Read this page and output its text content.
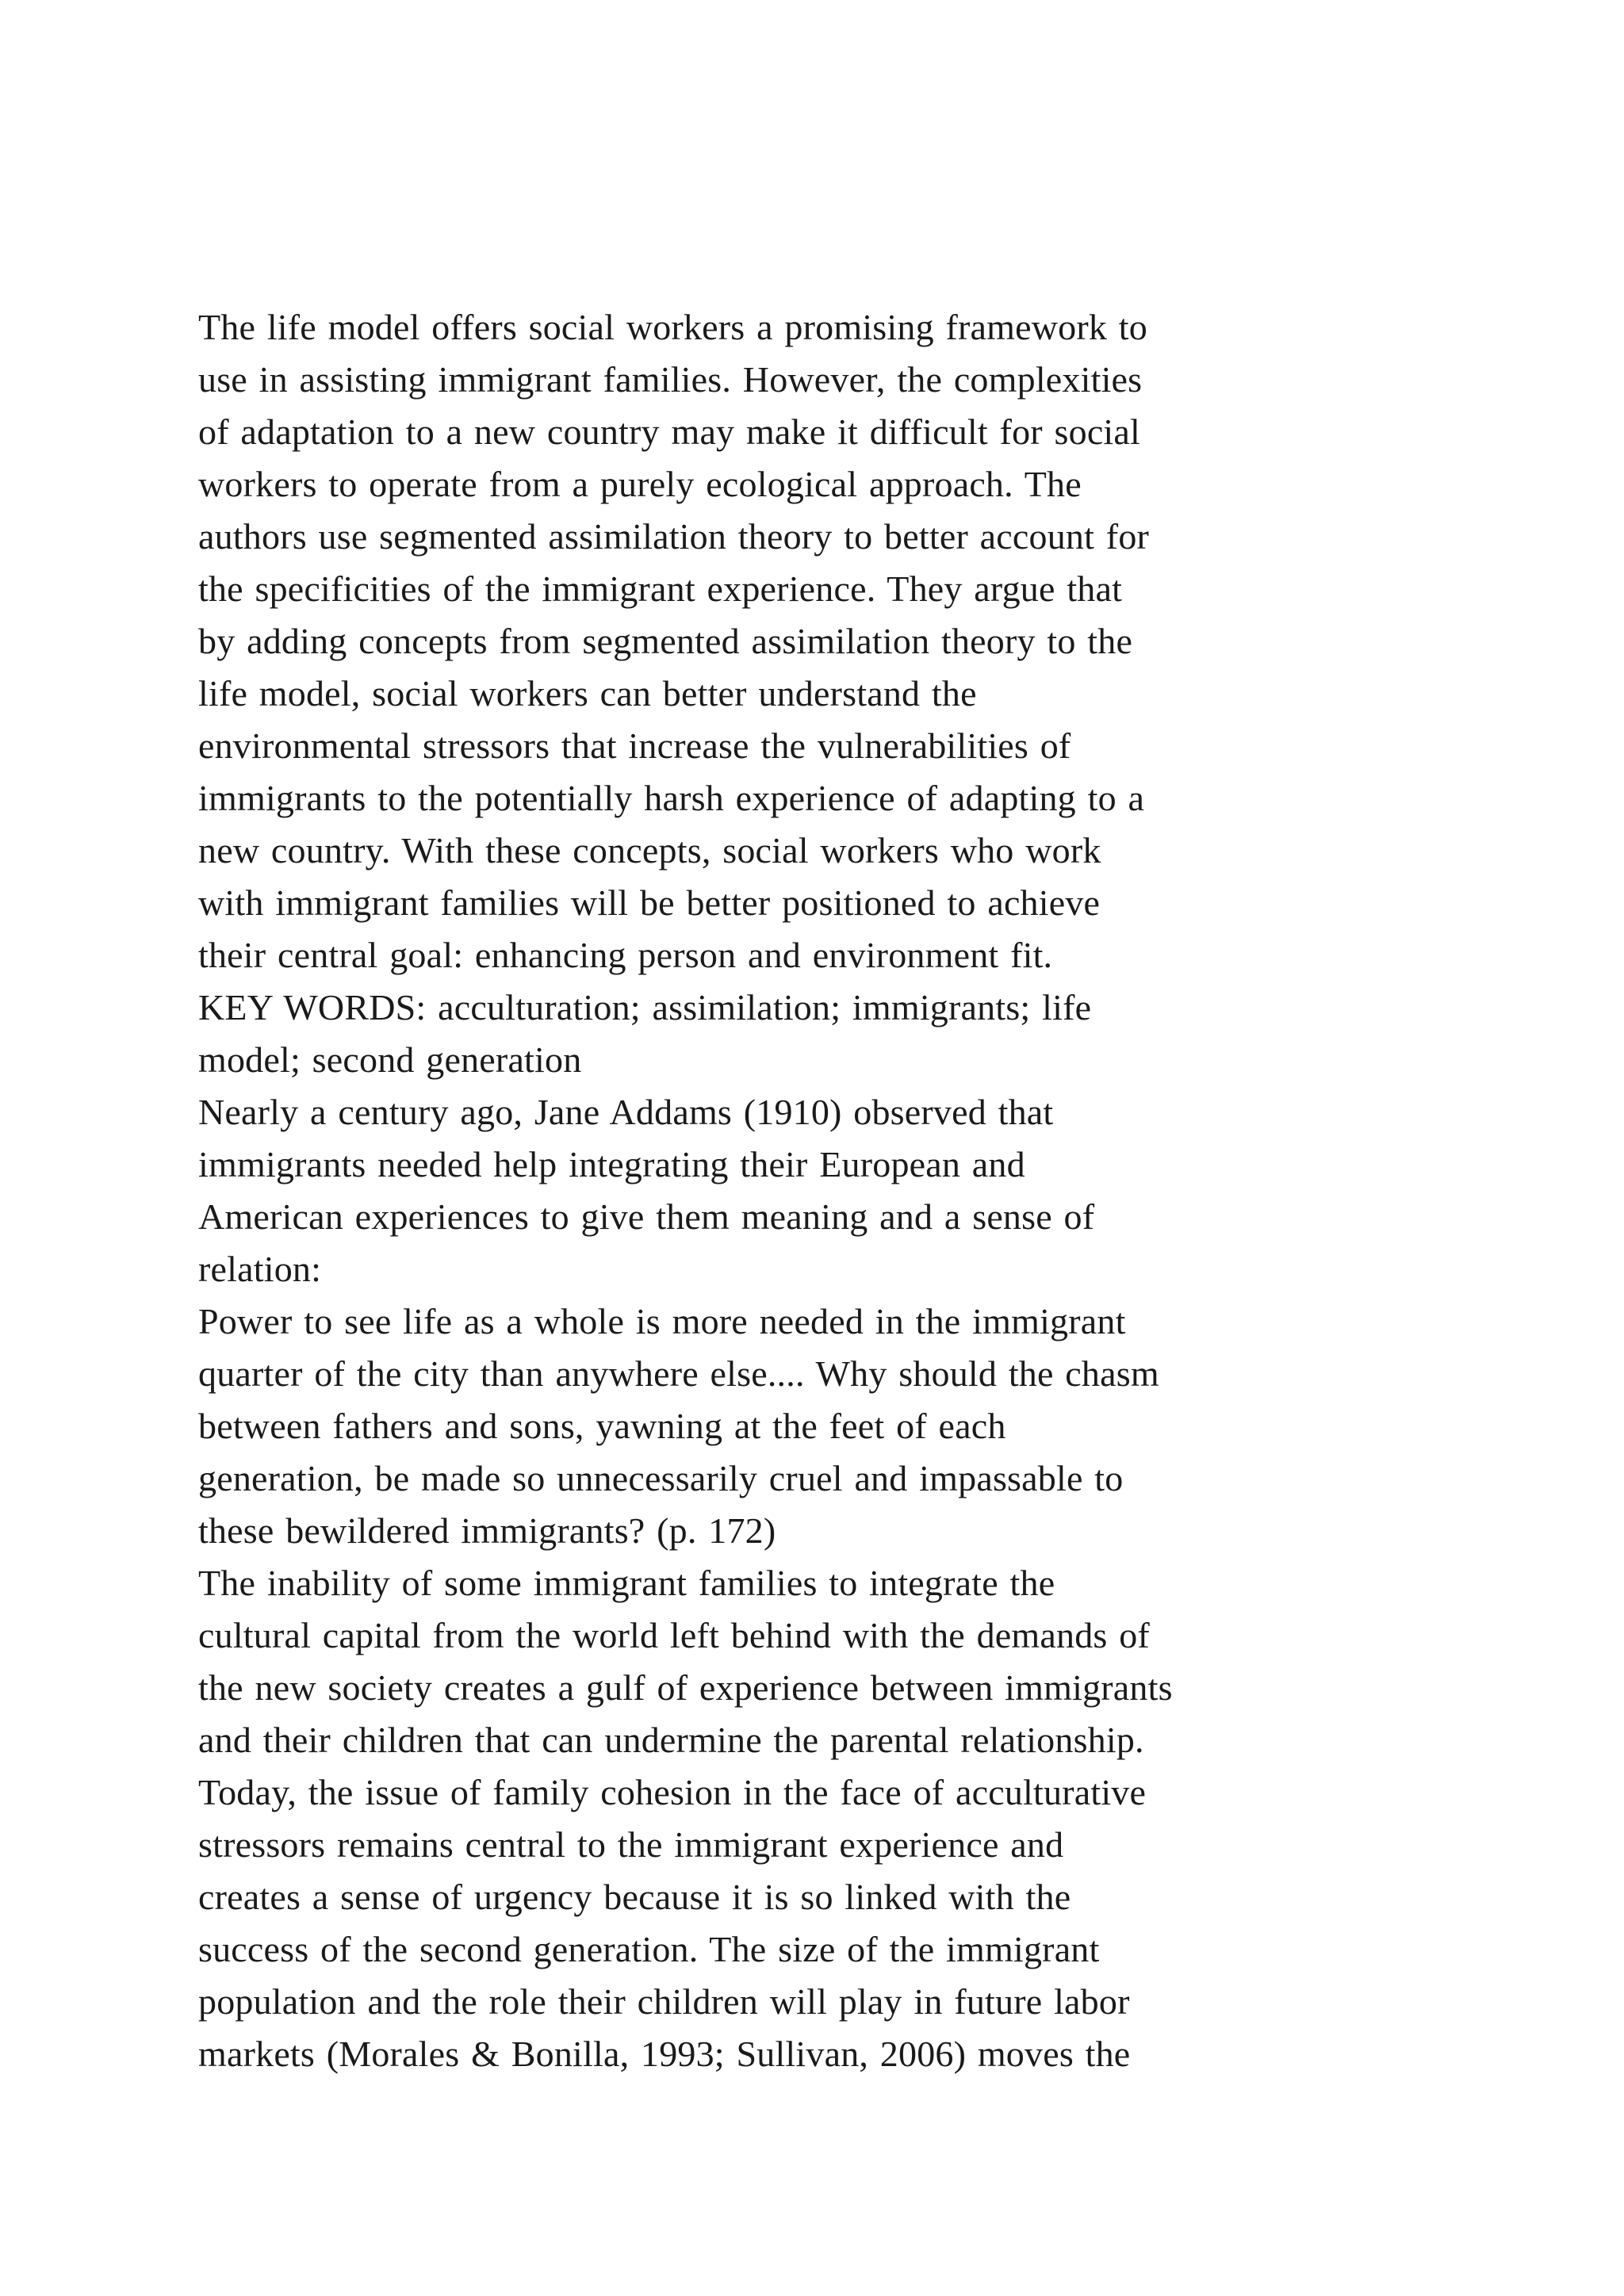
The life model offers social workers a promising framework to
use in assisting immigrant families. However, the complexities
of adaptation to a new country may make it difficult for social
workers to operate from a purely ecological approach. The
authors use segmented assimilation theory to better account for
the specificities of the immigrant experience. They argue that
by adding concepts from segmented assimilation theory to the
life model, social workers can better understand the
environmental stressors that increase the vulnerabilities of
immigrants to the potentially harsh experience of adapting to a
new country. With these concepts, social workers who work
with immigrant families will be better positioned to achieve
their central goal: enhancing person and environment fit.
KEY WORDS: acculturation; assimilation; immigrants; life
model; second generation
Nearly a century ago, Jane Addams (1910) observed that
immigrants needed help integrating their European and
American experiences to give them meaning and a sense of
relation:
Power to see life as a whole is more needed in the immigrant
quarter of the city than anywhere else.... Why should the chasm
between fathers and sons, yawning at the feet of each
generation, be made so unnecessarily cruel and impassable to
these bewildered immigrants? (p. 172)
The inability of some immigrant families to integrate the
cultural capital from the world left behind with the demands of
the new society creates a gulf of experience between immigrants
and their children that can undermine the parental relationship.
Today, the issue of family cohesion in the face of acculturative
stressors remains central to the immigrant experience and
creates a sense of urgency because it is so linked with the
success of the second generation. The size of the immigrant
population and the role their children will play in future labor
markets (Morales & Bonilla, 1993; Sullivan, 2006) moves the
